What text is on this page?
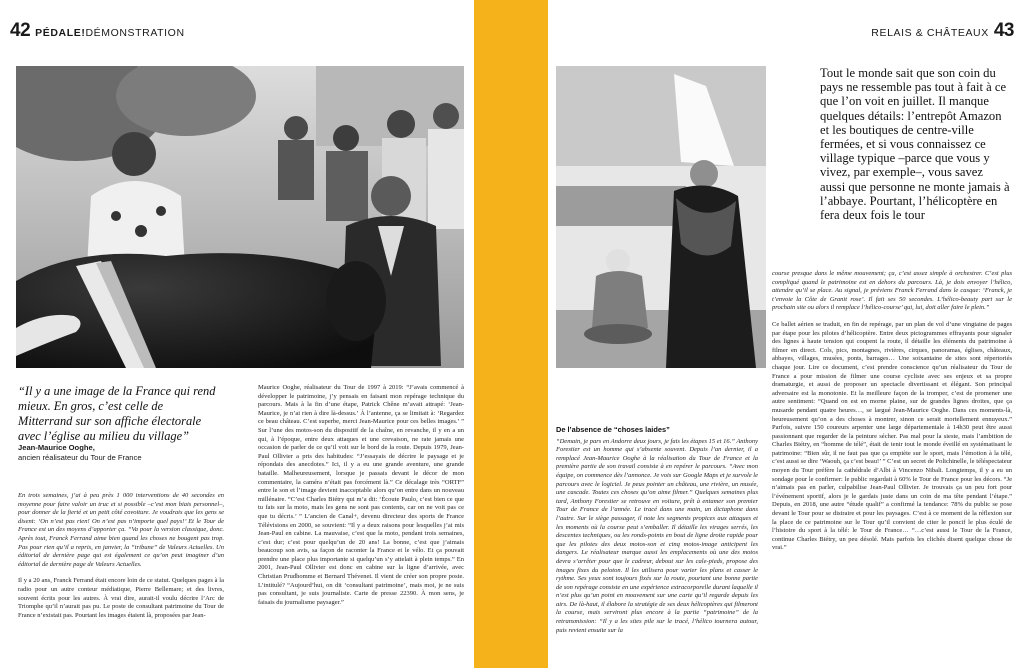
42 PÉDALE!DÉMONSTRATION

“Il y a une image de la France qui rend mieux. En gros, c’est celle de Mitterrand sur son affiche électorale avec l’église au milieu du village”

Jean-Maurice Ooghe,
ancien réalisateur du Tour de France

En trois semaines, j’ai à peu près 1 000 interventions de 40 secondes en moyenne pour faire valoir un truc et si possible –c’est mon biais personnel–, pour donner de la fierté et un petit côté covoiture. Je voudrais que les gens se disent: ‘On n’est pas rien! On n’est pas n’importe quel pays!’ Et le Tour de France est un des moyens d’apporter ça. “Va pour la version classique, donc. Après tout, Franck Ferrand aime bien quand les choses ne bougent pas trop. Pas pour rien qu’il a repris, en janvier, la “tribune” de Valeurs Actuelles. Un éditorial de dernière page qui est également ce qu’on peut imaginer d’un éditorial de dernière page de Valeurs Actuelles.

Il y a 20 ans, Franck Ferrand était encore loin de ce statut. Quelques pages à la radio pour un autre conteur médiatique, Pierre Bellemare; et des livres, souvent écrits pour les autres. À vrai dire, aurait-il voulu décrire l’Arc de Triomphe qu’il n’aurait pas pu. Le poste de consultant patrimoine du Tour de France n’existait pas. Pourtant les images étaient là, proposées par Jean-

Maurice Ooghe, réalisateur du Tour de 1997 à 2019: “J’avais commencé à développer le patrimoine, j’y pensais en faisant mon repérage technique du parcours. Mais à la fin d’une étape, Patrick Chêne m’avait attrapé: ‘Jean-Maurice, je n’ai rien à dire là-dessus.’ À l’antenne, ça se limitait à: ‘Regardez ce beau château. C’est superbe, merci Jean-Maurice pour ces belles images.’ ” Sur l’une des motos-son du dispositif de la chaîne, en revanche, il y en a un qui, à l’époque, entre deux attaques et une crevaison, ne rate jamais une occasion de parler de ce qu’il voit sur le bord de la route. Depuis 1979, Jean-Paul Ollivier a pris des habitudes: “J’essayais de décrire le paysage et je répondais des anecdotes.” Ici, il y a eu une grande aventure, une grande bataille. Malheureusement, lorsque je passais devant le décor de mon commentaire, la caméra n’était pas forcément là.” Ce décalage très “ORTF” entre le son et l’image devient inacceptable alors qu’on entre dans un nouveau millénaire. “C’est Charles Biétry qui m’a dit: ‘Écoute Paulo, c’est bien ce que tu fais sur la moto, mais les gens ne sont pas contents, car on ne voit pas ce que tu décris.’ ” L’ancien de Canal+, devenu directeur des sports de France Télévisions en 2000, se souvient: “Il y a deux raisons pour lesquelles j’ai mis Jean-Paul en cabine. La mauvaise, c’est que la moto, pendant trois semaines, c’est dur; c’est pour quelqu’un de 20 ans! La bonne, c’est que j’aimais beaucoup son avis, sa façon de raconter la France et le vélo. Et ça pouvait prendre une place plus importante si quelqu’un s’y attelait à plein temps.” En 2001, Jean-Paul Ollivier est donc en cabine sur la ligne d’arrivée, avec Christian Prudhomme et Bernard Thévenet. Il vient de créer son propre poste. L’intitulé? “Aujourd’hui, on dit ‘consultant patrimoine’, mais moi, je ne suis pas consultant, je suis journaliste. Carte de presse 22390. À mon sens, je faisais du journalisme paysager.”

RELAIS & CHÂTEAUX 43

Tout le monde sait que son coin du pays ne ressemble pas tout à fait à ce que l’on voit en juillet. Il manque quelques détails: l’entrepôt Amazon et les boutiques de centre-ville fermées, et si vous connaissez ce village typique –parce que vous y vivez, par exemple–, vous savez aussi que personne ne monte jamais à l’abbaye. Pourtant, l’hélicoptère en fera deux fois le tour

De l’absence de “choses laides”

“Demain, je pars en Andorre deux jours, je fais les étapes 15 et 16.” Anthony Forestier est un homme qui s’absente souvent. Depuis l’an dernier, il a remplacé Jean-Maurice Ooghe à la réalisation du Tour de France et la première partie de son travail consiste à en repérer le parcours. “Avec mon équipe, on commence dès l’annonce. Je vois sur Google Maps et je survole le parcours avec le logiciel. Je peux pointer un château, une rivière, un musée, une cascade. Toutes ces choses qu’on aime filmer.” Quelques semaines plus tard, Anthony Forestier se retrouve en voiture, prêt à entamer son premier Tour de France de l’année. Le tracé dans une main, un dictaphone dans l’autre. Sur le siège passager, il note les segments propices aux attaques et les moments où la course peut s’emballer. Il détaille les virages serrés, les descentes techniques, ou les ronds-points en bout de ligne droite rapide pour que les pilotes des deux motos-son et cinq motos-image anticipent les dangers. Le réalisateur marque aussi les emplacements où une des motos devra s’arrêter pour que le cadreur, debout sur les cale-pieds, propose des images fixes du peloton. Il les utilisera pour varier les plans et casser le rythme. Ses yeux sont toujours fixés sur la route, pourtant une bonne partie de son repérage consiste en une expérience extracorporelle durant laquelle il n’est plus qu’un point en mouvement sur une carte qu’il regarde depuis les airs. De là-haut, il élabore la stratégie de ses deux hélicoptères qui filmeront la course, mais serviront plus encore à la partie “patrimoine” de la retransmission: “Il y a les sites pile sur le tracé, l’hélico tournera autour, puis revient ensuite sur la

course presque dans le même mouvement; ça, c’est assez simple à orchestrer. C’est plus compliqué quand le patrimoine est en dehors du parcours. Là, je dois envoyer l’hélico, attendre qu’il se place. Au signal, je préviens Franck Ferrand dans le casque: ‘Franck, je t’envoie la Côte de Granit rose’. Il fait ses 50 secondes. L’hélico-beauty part sur le prochain site ou alors il remplace l’hélico-course’ qui, lui, doit aller faire le plein.”

Ce ballet aérien se traduit, en fin de repérage, par un plan de vol d’une vingtaine de pages par étape pour les pilotes d’hélicoptère. Entre deux pictogrammes effrayants pour signaler des lignes à haute tension qui coupent la route, il détaille les éléments du patrimoine à filmer en direct. Cols, pics, montagnes, rivières, cirques, panoramas, églises, châteaux, abbayes, villages, musées, ponts, barrages… Une soixantaine de sites sont répertoriés chaque jour. Lire ce document, c’est prendre conscience qu’un réalisateur du Tour de France a pour mission de filmer une course cycliste avec ses enjeux et sa propre dramaturgie, et aussi de proposer un spectacle divertissant et élégant. Son principal adversaire est la monotonie. Et la meilleure façon de la tromper, c’est de promener une autre sentiment: “Quand on est en morne plaine, sur de grandes lignes droites, que ça musarde pendant quatre heures…, se largué Jean-Maurice Ooghe. Dans ces moments-là, heureusement qu’on a des choses à montrer, sinon ce serait mortellement ennuyeux.” Parfois, suivre 150 coureurs arpenter une large départementale à 14h30 peut être aussi passionnant que regarder de la peinture sécher. Pas mal pour la sieste, mais l’ambition de Charles Biétry, en “homme de télé”, était de tenir tout le monde éveillé en systématisant le patrimoine: “Bien sûr, il ne faut pas que ça empiète sur le sport, mais l’émotion à la télé, c’est aussi se dire ‘Waouh, ça c’est beau!’ ” C’est un secret de Polichinelle, le téléspectateur moyen du Tour préfère la cathédrale d’Albi à Vincenzo Nibali. Longtemps, il y a eu un sondage pour le confirmer: le public regardait à 60% le Tour de France pour les décors. “Je n’aimais pas en parler, culpabilise Jean-Paul Ollivier. Je trouvais ça un peu fort pour l’événement sportif, alors je le gardais juste dans un coin de ma tête pendant l’étape.” Depuis, en 2018, une autre “étude qualif” a confirmé la tendance: 78% du public se pose devant le Tour pour se distraire et pour les paysages. C’est à ce moment de la réflexion sur la place de ce patrimoine sur le Tour qu’il convient de citer le poncif le plus éculé de l’histoire du sport à la télé: le Tour de France… “…c’est aussi le Tour de la France, continue Charles Biétry, un peu désolé. Mais parfois les clichés disent quelque chose de vrai.”
